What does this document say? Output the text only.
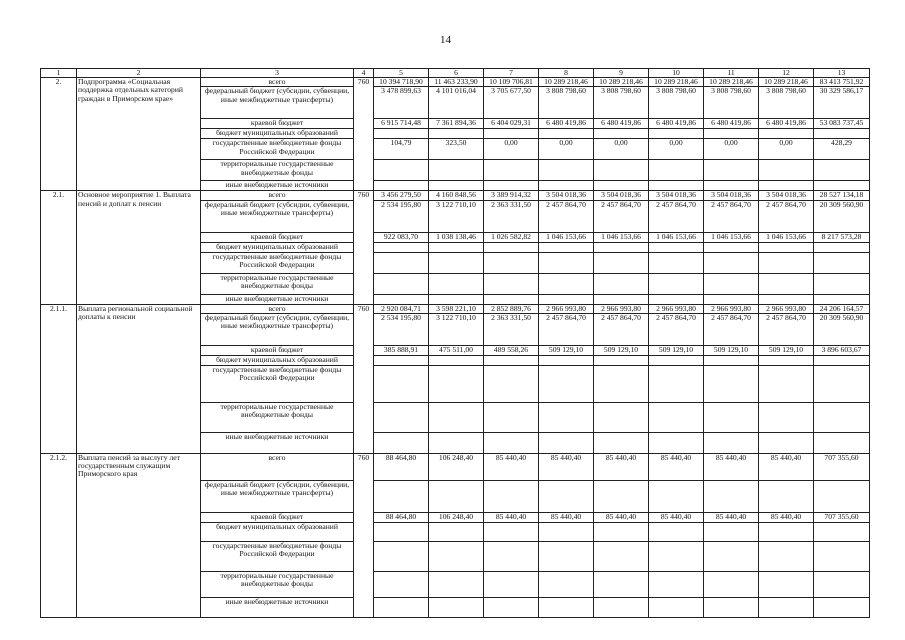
14
1	2	3	4	5	6	7	8	9	10	11	12	13
2.	Подпрограмма «Социальная поддержка отдельных категорий граждан в Приморском крае»	всего	760	10 394 718,90	11 463 233,90	10 109 706,81	10 289 218,46	10 289 218,46	10 289 218,46	10 289 218,46	10 289 218,46	83 413 751,92
		федеральный бюджет (субсидии, субвенции, иные межбюджетные трансферты)		3 478 899,63	4 101 016,04	3 705 677,50	3 808 798,60	3 808 798,60	3 808 798,60	3 808 798,60	3 808 798,60	30 329 586,17
		краевой бюджет		6 915 714,48	7 361 894,36	6 404 029,31	6 480 419,86	6 480 419,86	6 480 419,86	6 480 419,86	6 480 419,86	53 083 737,45
		бюджет муниципальных образований										
		государственные внебюджетные фонды Российской Федерации		104,79	323,50	0,00	0,00	0,00	0,00	0,00	0,00	428,29
		территориальные государственные внебюджетные фонды										
		иные внебюджетные источники										
2.1.	Основное мероприятие 1. Выплата пенсий и доплат к пенсии	всего	760	3 456 279,50	4 160 848,56	3 389 914,32	3 504 018,36	3 504 018,36	3 504 018,36	3 504 018,36	3 504 018,36	28 527 134,18
		федеральный бюджет (субсидии, субвенции, иные межбюджетные трансферты)		2 534 195,80	3 122 710,10	2 363 331,50	2 457 864,70	2 457 864,70	2 457 864,70	2 457 864,70	2 457 864,70	20 309 560,90
		краевой бюджет		922 083,70	1 038 138,46	1 026 582,82	1 046 153,66	1 046 153,66	1 046 153,66	1 046 153,66	1 046 153,66	8 217 573,28
		бюджет муниципальных образований										
		государственные внебюджетные фонды Российской Федерации										
		территориальные государственные внебюджетные фонды										
		иные внебюджетные источники										
2.1.1.	Выплата региональной социальной доплаты к пенсии	всего	760	2 920 084,71	3 598 221,10	2 852 889,76	2 966 993,80	2 966 993,80	2 966 993,80	2 966 993,80	2 966 993,80	24 206 164,57
		федеральный бюджет (субсидии, субвенции, иные межбюджетные трансферты)		2 534 195,80	3 122 710,10	2 363 331,50	2 457 864,70	2 457 864,70	2 457 864,70	2 457 864,70	2 457 864,70	20 309 560,90
		краевой бюджет		385 888,91	475 511,00	489 558,26	509 129,10	509 129,10	509 129,10	509 129,10	509 129,10	3 896 603,67
		бюджет муниципальных образований										
		государственные внебюджетные фонды Российской Федерации										
		территориальные государственные внебюджетные фонды										
		иные внебюджетные источники										
2.1.2.	Выплата пенсий за выслугу лет государственным служащим Приморского края	всего	760	88 464,80	106 248,40	85 440,40	85 440,40	85 440,40	85 440,40	85 440,40	85 440,40	707 355,60
		федеральный бюджет (субсидии, субвенции, иные межбюджетные трансферты)										
		краевой бюджет		88 464,80	106 248,40	85 440,40	85 440,40	85 440,40	85 440,40	85 440,40	85 440,40	707 355,60
		бюджет муниципальных образований										
		государственные внебюджетные фонды Российской Федерации										
		территориальные государственные внебюджетные фонды										
		иные внебюджетные источники										
